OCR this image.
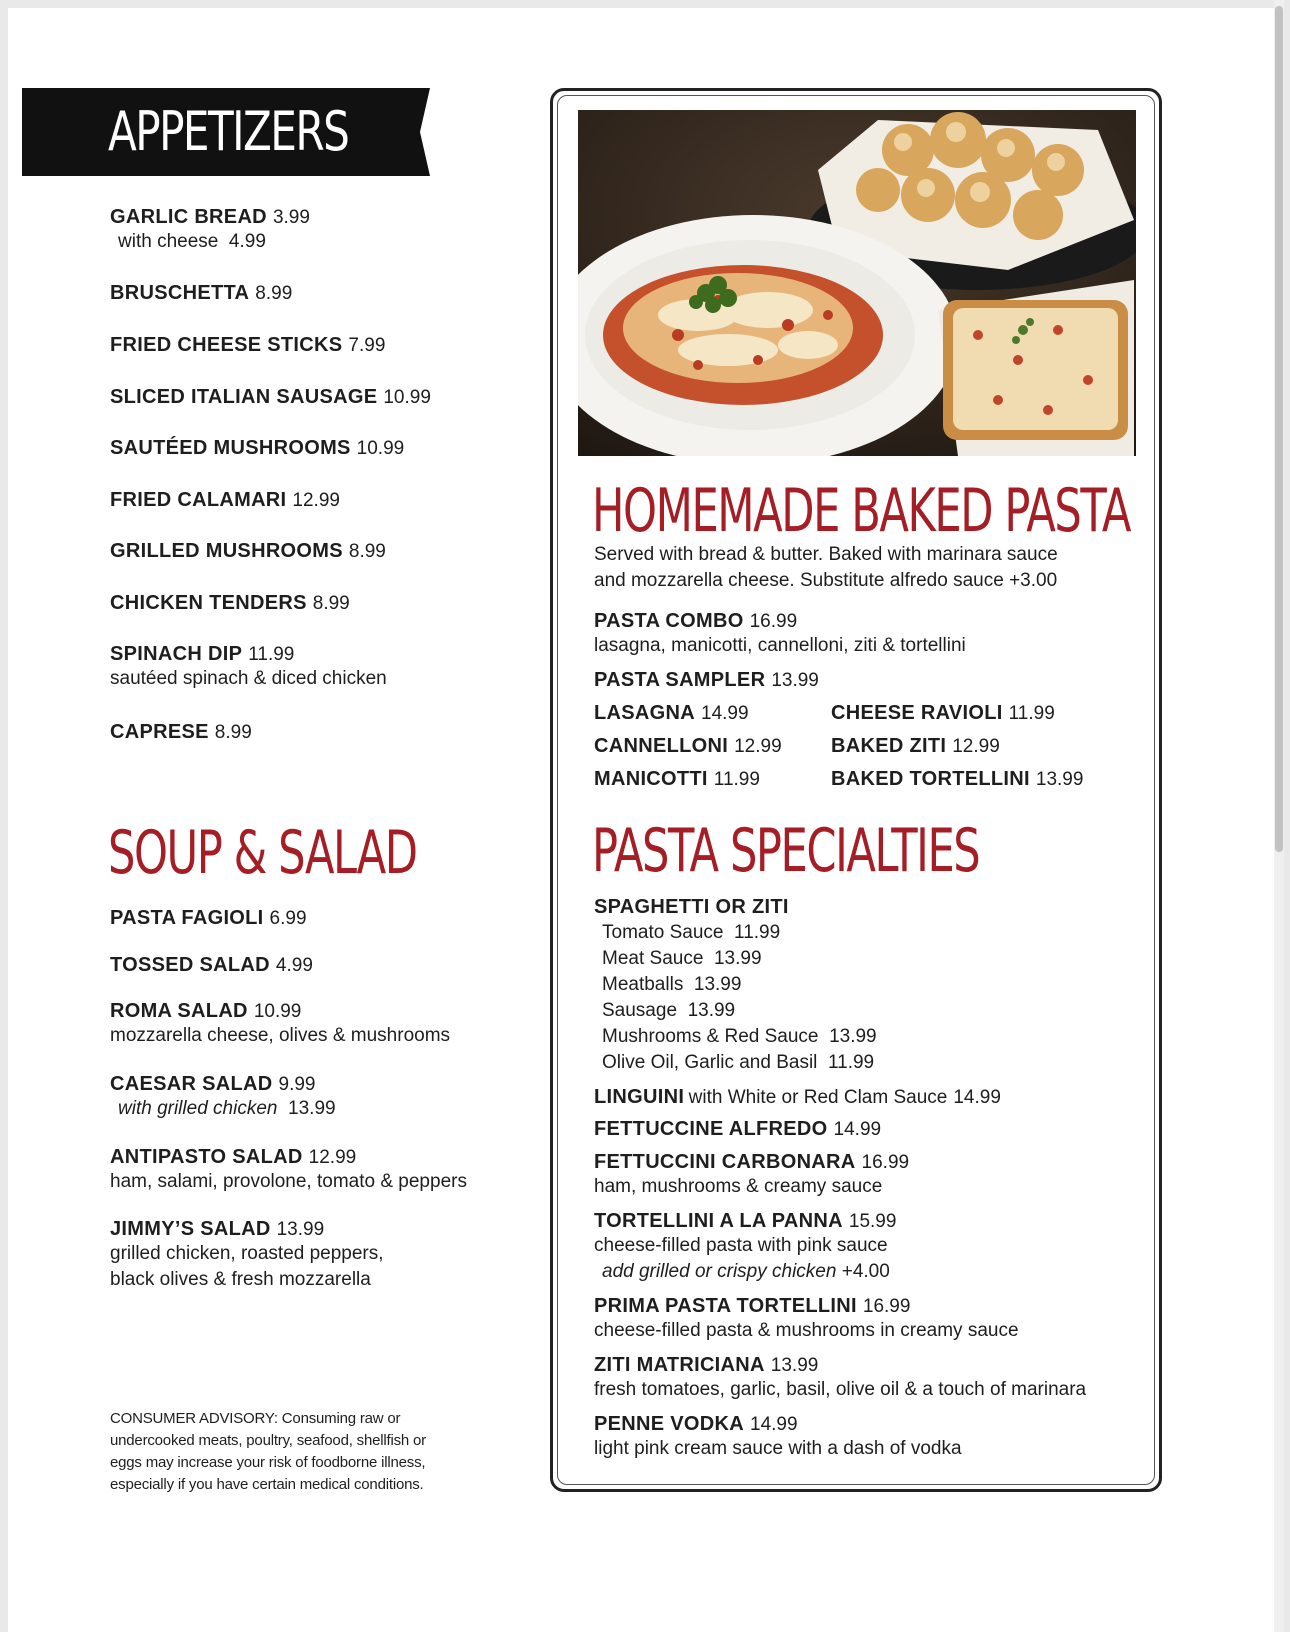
APPETIZERS
GARLIC BREAD 3.99
with cheese 4.99
BRUSCHETTA 8.99
FRIED CHEESE STICKS 7.99
SLICED ITALIAN SAUSAGE 10.99
SAUTÉED MUSHROOMS 10.99
FRIED CALAMARI 12.99
GRILLED MUSHROOMS 8.99
CHICKEN TENDERS 8.99
SPINACH DIP 11.99
sautéed spinach & diced chicken
CAPRESE 8.99
SOUP & SALAD
PASTA FAGIOLI 6.99
TOSSED SALAD 4.99
ROMA SALAD 10.99
mozzarella cheese, olives & mushrooms
CAESAR SALAD 9.99
with grilled chicken 13.99
ANTIPASTO SALAD 12.99
ham, salami, provolone, tomato & peppers
JIMMY’S SALAD 13.99
grilled chicken, roasted peppers,
black olives & fresh mozzarella
CONSUMER ADVISORY: Consuming raw or
undercooked meats, poultry, seafood, shellfish or
eggs may increase your risk of foodborne illness,
especially if you have certain medical conditions.
HOMEMADE BAKED PASTA
Served with bread & butter. Baked with marinara sauce
and mozzarella cheese. Substitute alfredo sauce +3.00
PASTA COMBO 16.99
lasagna, manicotti, cannelloni, ziti & tortellini
PASTA SAMPLER 13.99
LASAGNA 14.99
CANNELLONI 12.99
MANICOTTI 11.99
CHEESE RAVIOLI 11.99
BAKED ZITI 12.99
BAKED TORTELLINI 13.99
PASTA SPECIALTIES
SPAGHETTI OR ZITI
Tomato Sauce 11.99
Meat Sauce 13.99
Meatballs 13.99
Sausage 13.99
Mushrooms & Red Sauce 13.99
Olive Oil, Garlic and Basil 11.99
LINGUINI with White or Red Clam Sauce 14.99
FETTUCCINE ALFREDO 14.99
FETTUCCINI CARBONARA 16.99
ham, mushrooms & creamy sauce
TORTELLINI A LA PANNA 15.99
cheese-filled pasta with pink sauce
add grilled or crispy chicken +4.00
PRIMA PASTA TORTELLINI 16.99
cheese-filled pasta & mushrooms in creamy sauce
ZITI MATRICIANA 13.99
fresh tomatoes, garlic, basil, olive oil & a touch of marinara
PENNE VODKA 14.99
light pink cream sauce with a dash of vodka
